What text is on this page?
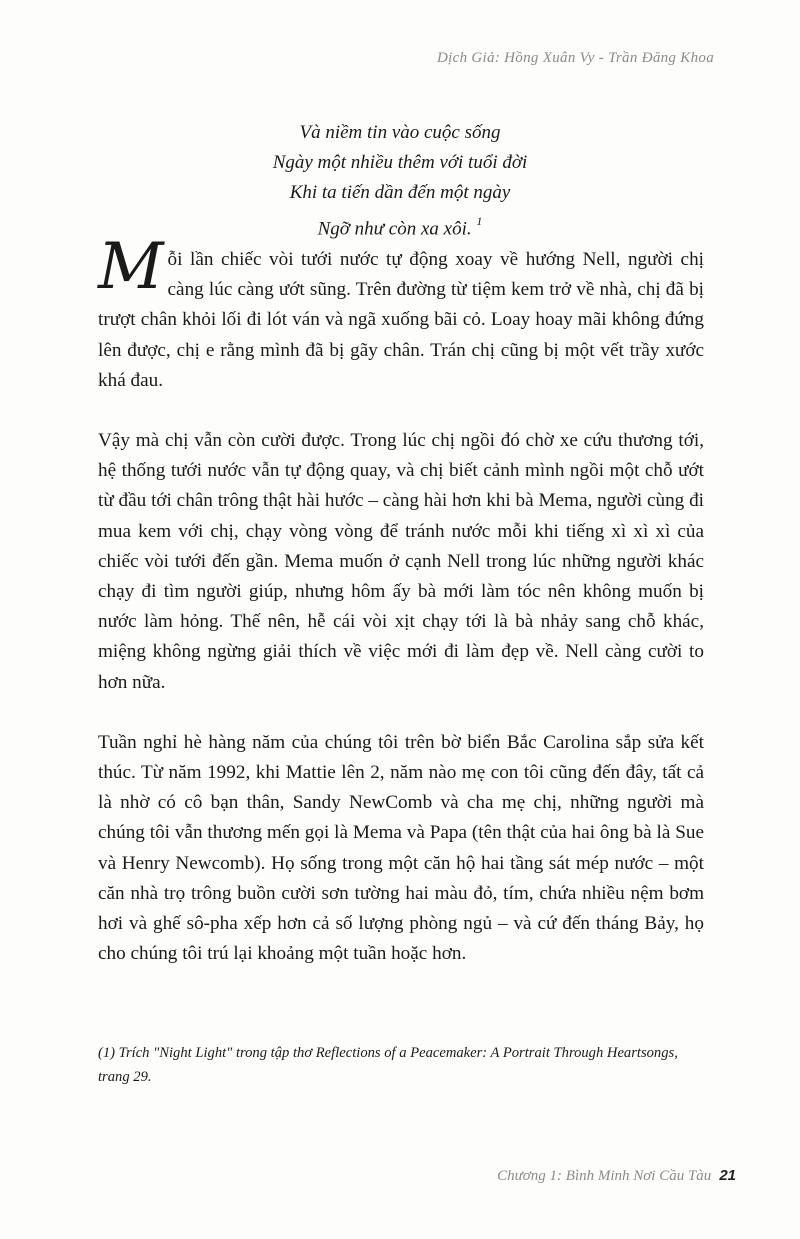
Dịch Giả: Hồng Xuân Vy - Trần Đăng Khoa
Và niềm tin vào cuộc sống
Ngày một nhiều thêm với tuổi đời
Khi ta tiến dần đến một ngày
Ngỡ như còn xa xôi. $^1$

Mỗi lần chiếc vòi tưới nước tự động xoay về hướng Nell, người chị càng lúc càng ướt sũng. Trên đường từ tiệm kem trở về nhà, chị đã bị trượt chân khỏi lối đi lót ván và ngã xuống bãi cỏ. Loay hoay mãi không đứng lên được, chị e rằng mình đã bị gãy chân. Trán chị cũng bị một vết trầy xước khá đau.

Vậy mà chị vẫn còn cười được. Trong lúc chị ngồi đó chờ xe cứu thương tới, hệ thống tưới nước vẫn tự động quay, và chị biết cảnh mình ngồi một chỗ ướt từ đầu tới chân trông thật hài hước – càng hài hơn khi bà Mema, người cùng đi mua kem với chị, chạy vòng vòng để tránh nước mỗi khi tiếng xì xì xì của chiếc vòi tưới đến gần. Mema muốn ở cạnh Nell trong lúc những người khác chạy đi tìm người giúp, nhưng hôm ấy bà mới làm tóc nên không muốn bị nước làm hỏng. Thế nên, hễ cái vòi xịt chạy tới là bà nhảy sang chỗ khác, miệng không ngừng giải thích về việc mới đi làm đẹp về. Nell càng cười to hơn nữa.

Tuần nghỉ hè hàng năm của chúng tôi trên bờ biển Bắc Carolina sắp sửa kết thúc. Từ năm 1992, khi Mattie lên 2, năm nào mẹ con tôi cũng đến đây, tất cả là nhờ có cô bạn thân, Sandy NewComb và cha mẹ chị, những người mà chúng tôi vẫn thương mến gọi là Mema và Papa (tên thật của hai ông bà là Sue và Henry Newcomb). Họ sống trong một căn hộ hai tầng sát mép nước – một căn nhà trọ trông buồn cười sơn tường hai màu đỏ, tím, chứa nhiều nệm bơm hơi và ghế sô-pha xếp hơn cả số lượng phòng ngủ – và cứ đến tháng Bảy, họ cho chúng tôi trú lại khoảng một tuần hoặc hơn.

(1) Trích "Night Light" trong tập thơ Reflections of a Peacemaker: A Portrait Through Heartsongs, trang 29.
Chương 1: Bình Minh Nơi Cầu Tàu 21
